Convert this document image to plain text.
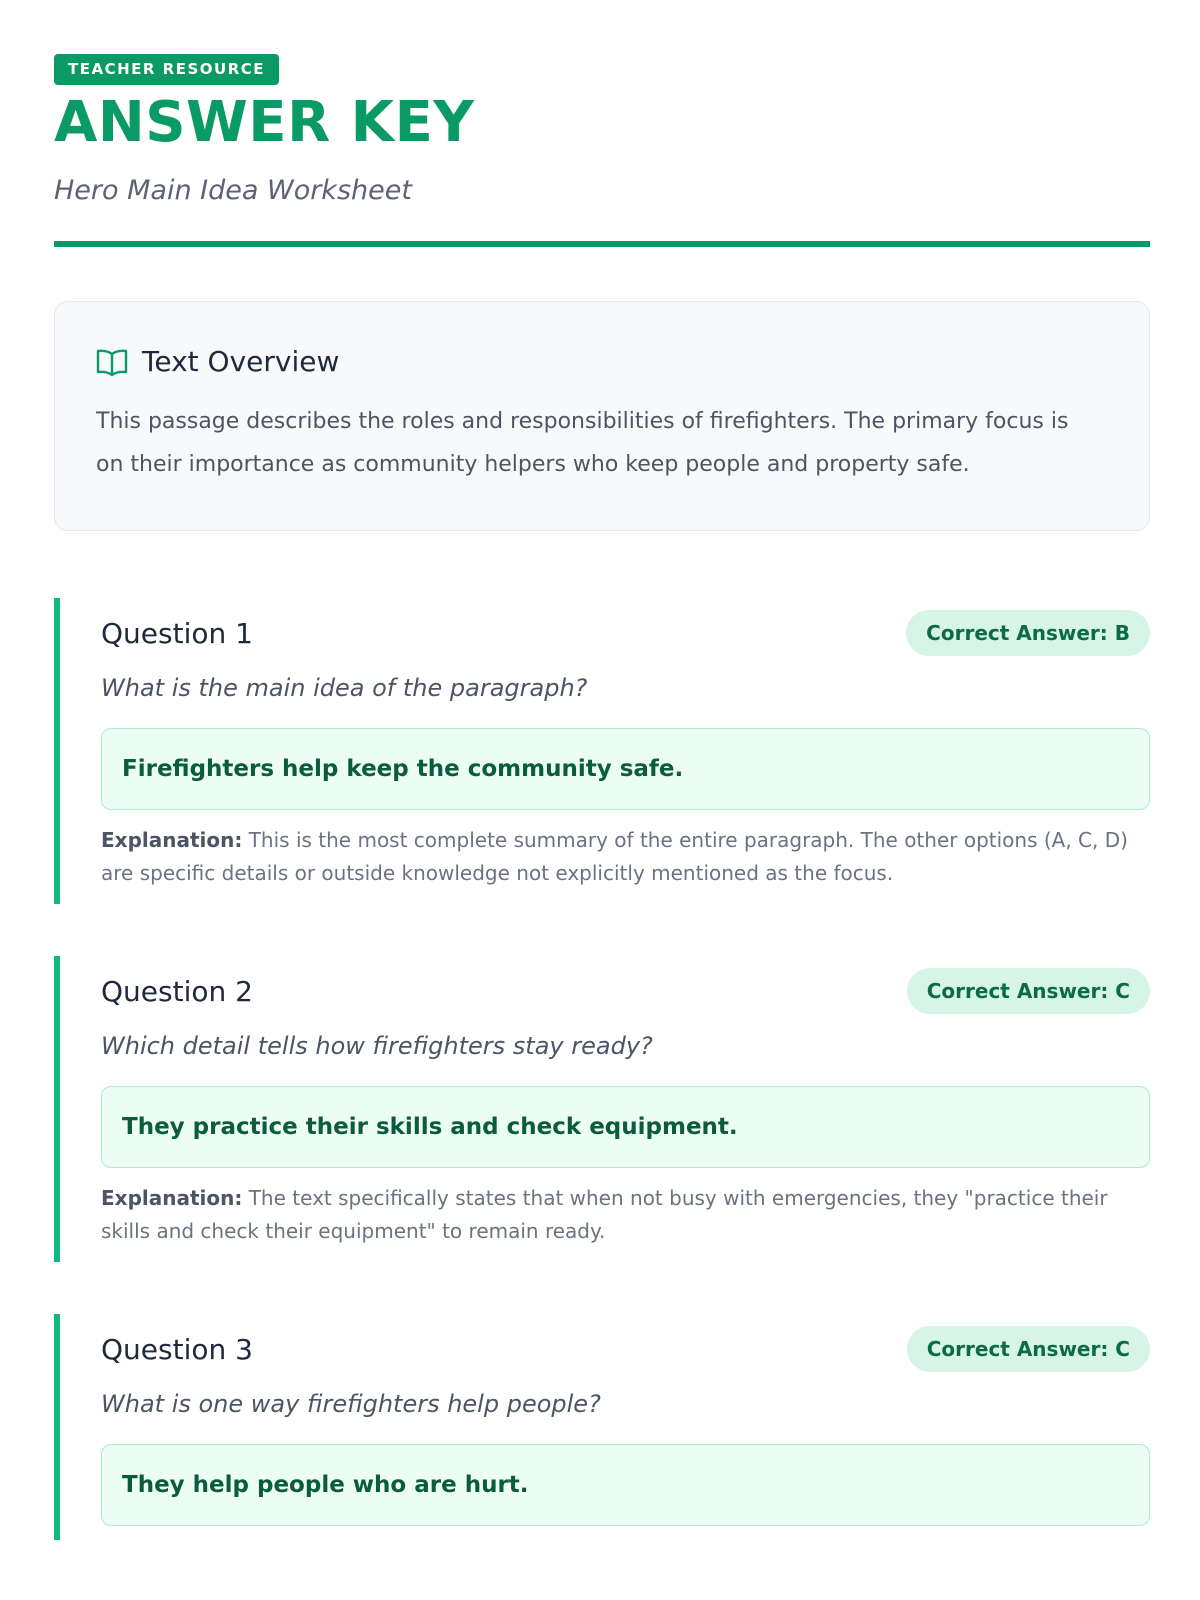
TEACHER RESOURCE
ANSWER KEY
Hero Main Idea Worksheet
Text Overview
This passage describes the roles and responsibilities of firefighters. The primary focus is on their importance as community helpers who keep people and property safe.
Question 1	Correct Answer: B
What is the main idea of the paragraph?
Firefighters help keep the community safe.
Explanation: This is the most complete summary of the entire paragraph. The other options (A, C, D) are specific details or outside knowledge not explicitly mentioned as the focus.
Question 2	Correct Answer: C
Which detail tells how firefighters stay ready?
They practice their skills and check equipment.
Explanation: The text specifically states that when not busy with emergencies, they "practice their skills and check their equipment" to remain ready.
Question 3	Correct Answer: C
What is one way firefighters help people?
They help people who are hurt.
